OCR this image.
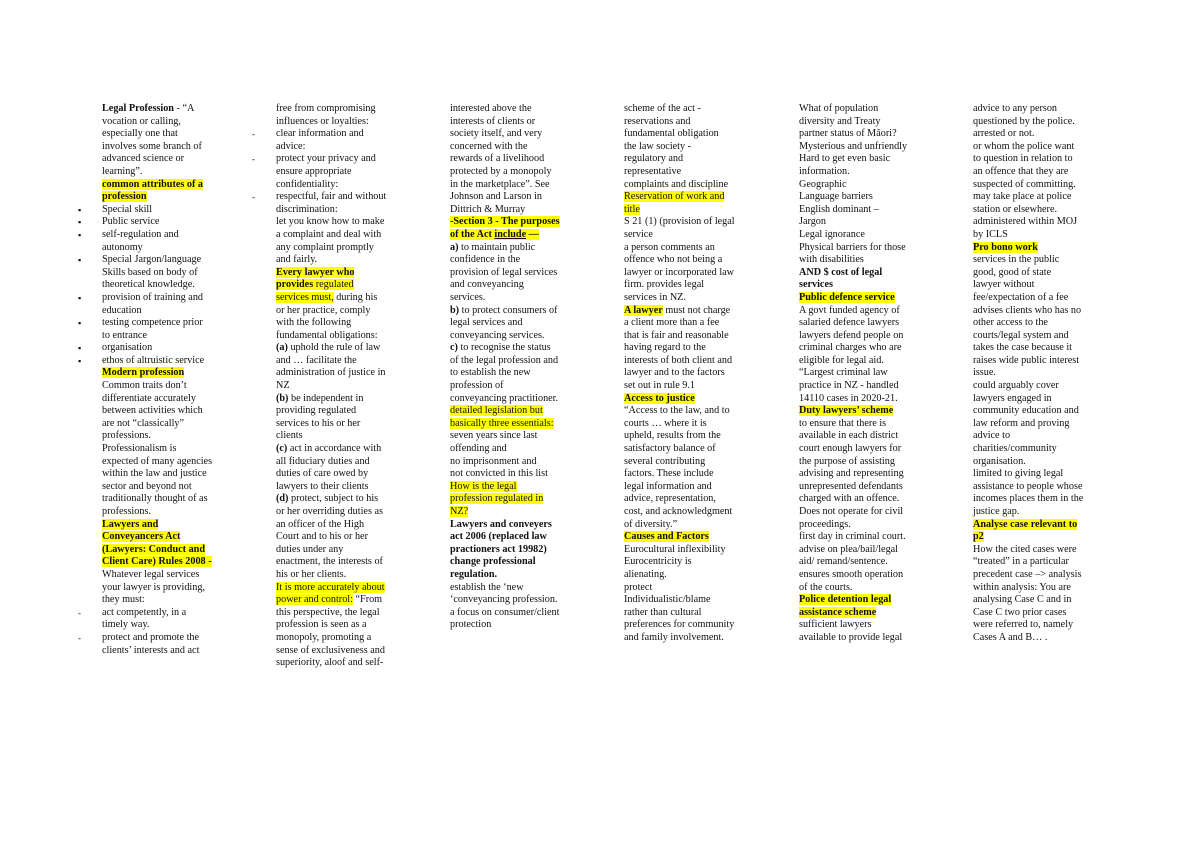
Legal Profession - “A
vocation or calling,
especially one that
involves some branch of
advanced science or
learning”.
common attributes of a
profession
▪ Special skill
▪ Public service
▪ self-regulation and
autonomy
▪ Special Jargon/language
Skills based on body of
theoretical knowledge.
▪ provision of training and
education
▪ testing competence prior
to entrance
▪ organisation
▪ ethos of altruistic service
Modern profession
Common traits don’t
differentiate accurately
between activities which
are not “classically”
professions.
Professionalism is
expected of many agencies
within the law and justice
sector and beyond not
traditionally thought of as
professions.
Lawyers and
Conveyancers Act
(Lawyers: Conduct and
Client Care) Rules 2008 -
Whatever legal services
your lawyer is providing,
they must:
- act competently, in a
timely way.
- protect and promote the
clients’ interests and act
free from compromising
influences or loyalties:
- clear information and
advice:
- protect your privacy and
ensure appropriate
confidentiality:
- respectful, fair and without
discrimination:
let you know how to make
a complaint and deal with
any complaint promptly
and fairly.
Every lawyer who
provides regulated
services must, during his
or her practice, comply
with the following
fundamental obligations:
(a) uphold the rule of law
and … facilitate the
administration of justice in
NZ
(b) be independent in
providing regulated
services to his or her
clients
(c) act in accordance with
all fiduciary duties and
duties of care owed by
lawyers to their clients
(d) protect, subject to his
or her overriding duties as
an officer of the High
Court and to his or her
duties under any
enactment, the interests of
his or her clients.
It is more accurately about
power and control: “From
this perspective, the legal
profession is seen as a
monopoly, promoting a
sense of exclusiveness and
superiority, aloof and self-
interested above the
interests of clients or
society itself, and very
concerned with the
rewards of a livelihood
protected by a monopoly
in the marketplace”. See
Johnson and Larson in
Dittrich & Murray
-Section 3 - The purposes
of the Act include —
a) to maintain public
confidence in the
provision of legal services
and conveyancing
services.
b) to protect consumers of
legal services and
conveyancing services.
c) to recognise the status
of the legal profession and
to establish the new
profession of
conveyancing practitioner.
detailed legislation but
basically three essentials:
seven years since last
offending and
no imprisonment and
not convicted in this list
How is the legal
profession regulated in
NZ?
Lawyers and conveyers
act 2006 (replaced law
practioners act 19982)
change professional
regulation.
establish the ‘new
‘conveyancing profession.
a focus on consumer/client
protection
scheme of the act -
reservations and
fundamental obligation
the law society -
regulatory and
representative
complaints and discipline
Reservation of work and
title
S 21 (1) (provision of legal
service
a person comments an
offence who not being a
lawyer or incorporated law
firm. provides legal
services in NZ.
A lawyer must not charge
a client more than a fee
that is fair and reasonable
having regard to the
interests of both client and
lawyer and to the factors
set out in rule 9.1
Access to justice
“Access to the law, and to
courts … where it is
upheld, results from the
satisfactory balance of
several contributing
factors. These include
legal information and
advice, representation,
cost, and acknowledgment
of diversity.”
Causes and Factors
Eurocultural inflexibility
Eurocentricity is
alienating.
protect
Individualistic/blame
rather than cultural
preferences for community
and family involvement.
What of population
diversity and Treaty
partner status of Māori?
Mysterious and unfriendly
Hard to get even basic
information.
Geographic
Language barriers
English dominant –
Jargon
Legal ignorance
Physical barriers for those
with disabilities
AND $ cost of legal
services
Public defence service
A govt funded agency of
salaried defence lawyers
lawyers defend people on
criminal charges who are
eligible for legal aid.
“Largest criminal law
practice in NZ - handled
14110 cases in 2020-21.
Duty lawyers’ scheme
to ensure that there is
available in each district
court enough lawyers for
the purpose of assisting
advising and representing
unrepresented defendants
charged with an offence.
Does not operate for civil
proceedings.
first day in criminal court.
advise on plea/bail/legal
aid/ remand/sentence.
ensures smooth operation
of the courts.
Police detention legal
assistance scheme
sufficient lawyers
available to provide legal
advice to any person
questioned by the police.
arrested or not.
or whom the police want
to question in relation to
an offence that they are
suspected of committing.
may take place at police
station or elsewhere.
administered within MOJ
by ICLS
Pro bono work
services in the public
good, good of state
lawyer without
fee/expectation of a fee
advises clients who has no
other access to the
courts/legal system and
takes the case because it
raises wide public interest
issue.
could arguably cover
lawyers engaged in
community education and
law reform and proving
advice to
charities/community
organisation.
limited to giving legal
assistance to people whose
incomes places them in the
justice gap.
Analyse case relevant to
p2
How the cited cases were
“treated” in a particular
precedent case –> analysis
within analysis: You are
analysing Case C and in
Case C two prior cases
were referred to, namely
Cases A and B… .
